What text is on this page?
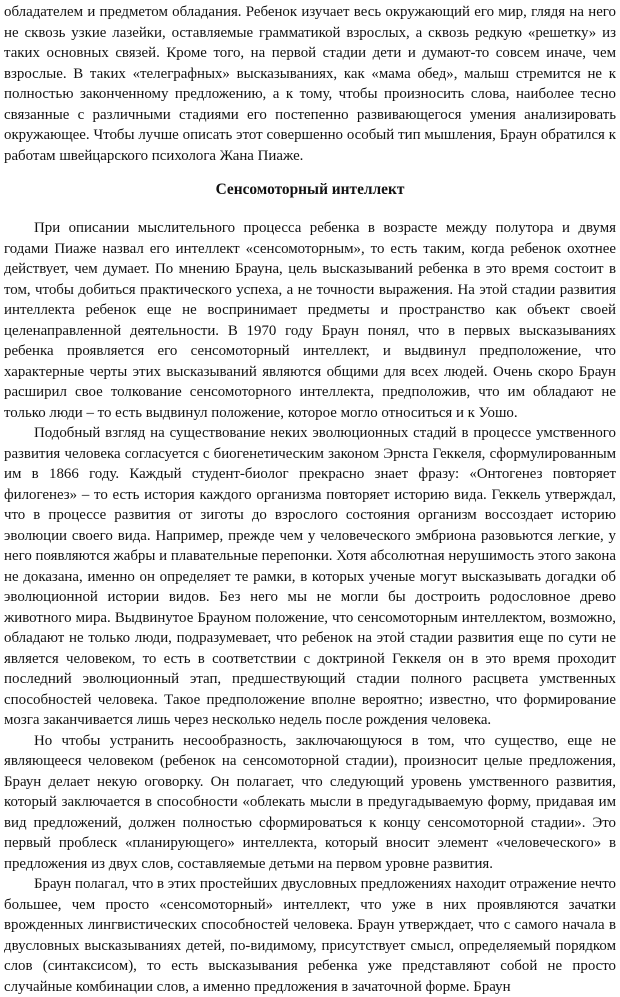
обладателем и предметом обладания. Ребенок изучает весь окружающий его мир, глядя на него не сквозь узкие лазейки, оставляемые грамматикой взрослых, а сквозь редкую «решетку» из таких основных связей. Кроме того, на первой стадии дети и думают-то совсем иначе, чем взрослые. В таких «телеграфных» высказываниях, как «мама обед», малыш стремится не к полностью законченному предложению, а к тому, чтобы произносить слова, наиболее тесно связанные с различными стадиями его постепенно развивающегося умения анализировать окружающее. Чтобы лучше описать этот совершенно особый тип мышления, Браун обратился к работам швейцарского психолога Жана Пиаже.

Сенсомоторный интеллект

При описании мыслительного процесса ребенка в возрасте между полутора и двумя годами Пиаже назвал его интеллект «сенсомоторным», то есть таким, когда ребенок охотнее действует, чем думает. По мнению Брауна, цель высказываний ребенка в это время состоит в том, чтобы добиться практического успеха, а не точности выражения. На этой стадии развития интеллекта ребенок еще не воспринимает предметы и пространство как объект своей целенаправленной деятельности. В 1970 году Браун понял, что в первых высказываниях ребенка проявляется его сенсомоторный интеллект, и выдвинул предположение, что характерные черты этих высказываний являются общими для всех людей. Очень скоро Браун расширил свое толкование сенсомоторного интеллекта, предположив, что им обладают не только люди – то есть выдвинул положение, которое могло относиться и к Уошо.

Подобный взгляд на существование неких эволюционных стадий в процессе умственного развития человека согласуется с биогенетическим законом Эрнста Геккеля, сформулированным им в 1866 году. Каждый студент-биолог прекрасно знает фразу: «Онтогенез повторяет филогенез» – то есть история каждого организма повторяет историю вида. Геккель утверждал, что в процессе развития от зиготы до взрослого состояния организм воссоздает историю эволюции своего вида. Например, прежде чем у человеческого эмбриона разовьются легкие, у него появляются жабры и плавательные перепонки. Хотя абсолютная нерушимость этого закона не доказана, именно он определяет те рамки, в которых ученые могут высказывать догадки об эволюционной истории видов. Без него мы не могли бы достроить родословное древо животного мира. Выдвинутое Брауном положение, что сенсомоторным интеллектом, возможно, обладают не только люди, подразумевает, что ребенок на этой стадии развития еще по сути не является человеком, то есть в соответствии с доктриной Геккеля он в это время проходит последний эволюционный этап, предшествующий стадии полного расцвета умственных способностей человека. Такое предположение вполне вероятно; известно, что формирование мозга заканчивается лишь через несколько недель после рождения человека.

Но чтобы устранить несообразность, заключающуюся в том, что существо, еще не являющееся человеком (ребенок на сенсомоторной стадии), произносит целые предложения, Браун делает некую оговорку. Он полагает, что следующий уровень умственного развития, который заключается в способности «облекать мысли в предугадываемую форму, придавая им вид предложений, должен полностью сформироваться к концу сенсомоторной стадии». Это первый проблеск «планирующего» интеллекта, который вносит элемент «человеческого» в предложения из двух слов, составляемые детьми на первом уровне развития.

Браун полагал, что в этих простейших двусловных предложениях находит отражение нечто большее, чем просто «сенсомоторный» интеллект, что уже в них проявляются зачатки врожденных лингвистических способностей человека. Браун утверждает, что с самого начала в двусловных высказываниях детей, по-видимому, присутствует смысл, определяемый порядком слов (синтаксисом), то есть высказывания ребенка уже представляют собой не просто случайные комбинации слов, а именно предложения в зачаточной форме. Браун
